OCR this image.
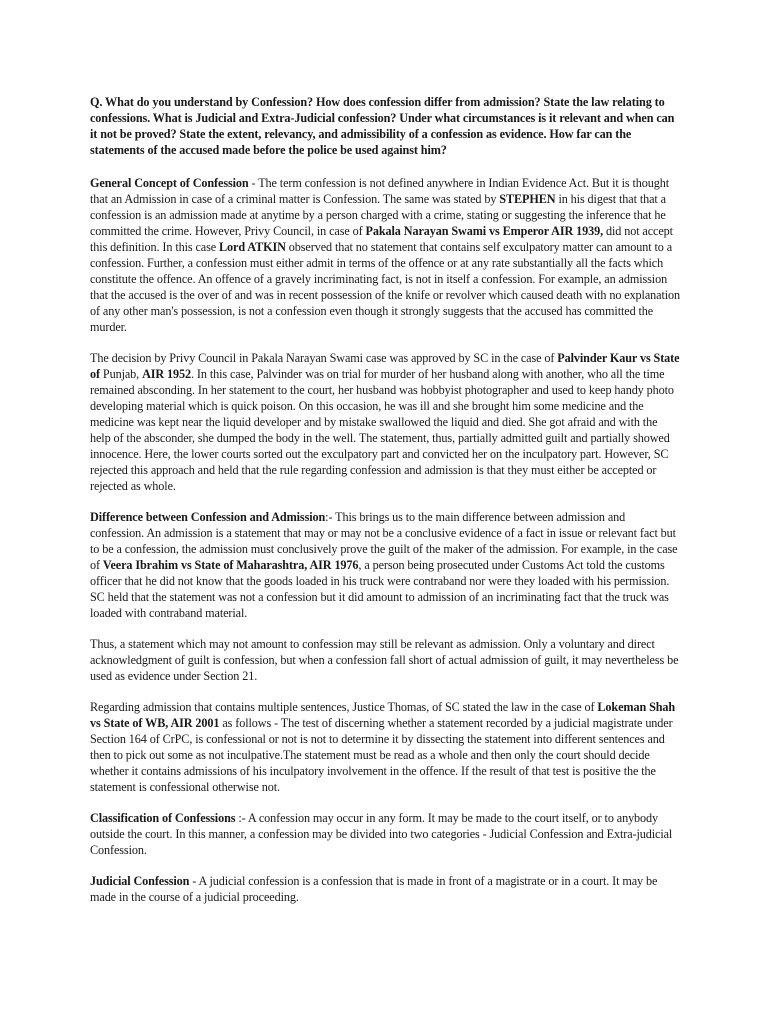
Q. What do you understand by Confession? How does confession differ from admission? State the law relating to confessions. What is Judicial and Extra-Judicial confession? Under what circumstances is it relevant and when can it not be proved? State the extent, relevancy, and admissibility of a confession as evidence. How far can the statements of the accused made before the police be used against him?

General Concept of Confession - The term confession is not defined anywhere in Indian Evidence Act. But it is thought that an Admission in case of a criminal matter is Confession. The same was stated by STEPHEN in his digest that that a confession is an admission made at anytime by a person charged with a crime, stating or suggesting the inference that he committed the crime. However, Privy Council, in case of Pakala Narayan Swami vs Emperor AIR 1939, did not accept this definition. In this case Lord ATKIN observed that no statement that contains self exculpatory matter can amount to a confession. Further, a confession must either admit in terms of the offence or at any rate substantially all the facts which constitute the offence. An offence of a gravely incriminating fact, is not in itself a confession. For example, an admission that the accused is the over of and was in recent possession of the knife or revolver which caused death with no explanation of any other man's possession, is not a confession even though it strongly suggests that the accused has committed the murder.

The decision by Privy Council in Pakala Narayan Swami case was approved by SC in the case of Palvinder Kaur vs State of Punjab, AIR 1952. In this case, Palvinder was on trial for murder of her husband along with another, who all the time remained absconding. In her statement to the court, her husband was hobbyist photographer and used to keep handy photo developing material which is quick poison. On this occasion, he was ill and she brought him some medicine and the medicine was kept near the liquid developer and by mistake swallowed the liquid and died. She got afraid and with the help of the absconder, she dumped the body in the well. The statement, thus, partially admitted guilt and partially showed innocence. Here, the lower courts sorted out the exculpatory part and convicted her on the inculpatory part. However, SC rejected this approach and held that the rule regarding confession and admission is that they must either be accepted or rejected as whole.

Difference between Confession and Admission:- This brings us to the main difference between admission and confession. An admission is a statement that may or may not be a conclusive evidence of a fact in issue or relevant fact but to be a confession, the admission must conclusively prove the guilt of the maker of the admission. For example, in the case of Veera Ibrahim vs State of Maharashtra, AIR 1976, a person being prosecuted under Customs Act told the customs officer that he did not know that the goods loaded in his truck were contraband nor were they loaded with his permission. SC held that the statement was not a confession but it did amount to admission of an incriminating fact that the truck was loaded with contraband material.

Thus, a statement which may not amount to confession may still be relevant as admission. Only a voluntary and direct acknowledgment of guilt is confession, but when a confession fall short of actual admission of guilt, it may nevertheless be used as evidence under Section 21.

Regarding admission that contains multiple sentences, Justice Thomas, of SC stated the law in the case of Lokeman Shah vs State of WB, AIR 2001 as follows - The test of discerning whether a statement recorded by a judicial magistrate under Section 164 of CrPC, is confessional or not is not to determine it by dissecting the statement into different sentences and then to pick out some as not inculpative.The statement must be read as a whole and then only the court should decide whether it contains admissions of his inculpatory involvement in the offence. If the result of that test is positive the the statement is confessional otherwise not.

Classification of Confessions :- A confession may occur in any form. It may be made to the court itself, or to anybody outside the court. In this manner, a confession may be divided into two categories - Judicial Confession and Extra-judicial Confession.

Judicial Confession - A judicial confession is a confession that is made in front of a magistrate or in a court. It may be made in the course of a judicial proceeding.
